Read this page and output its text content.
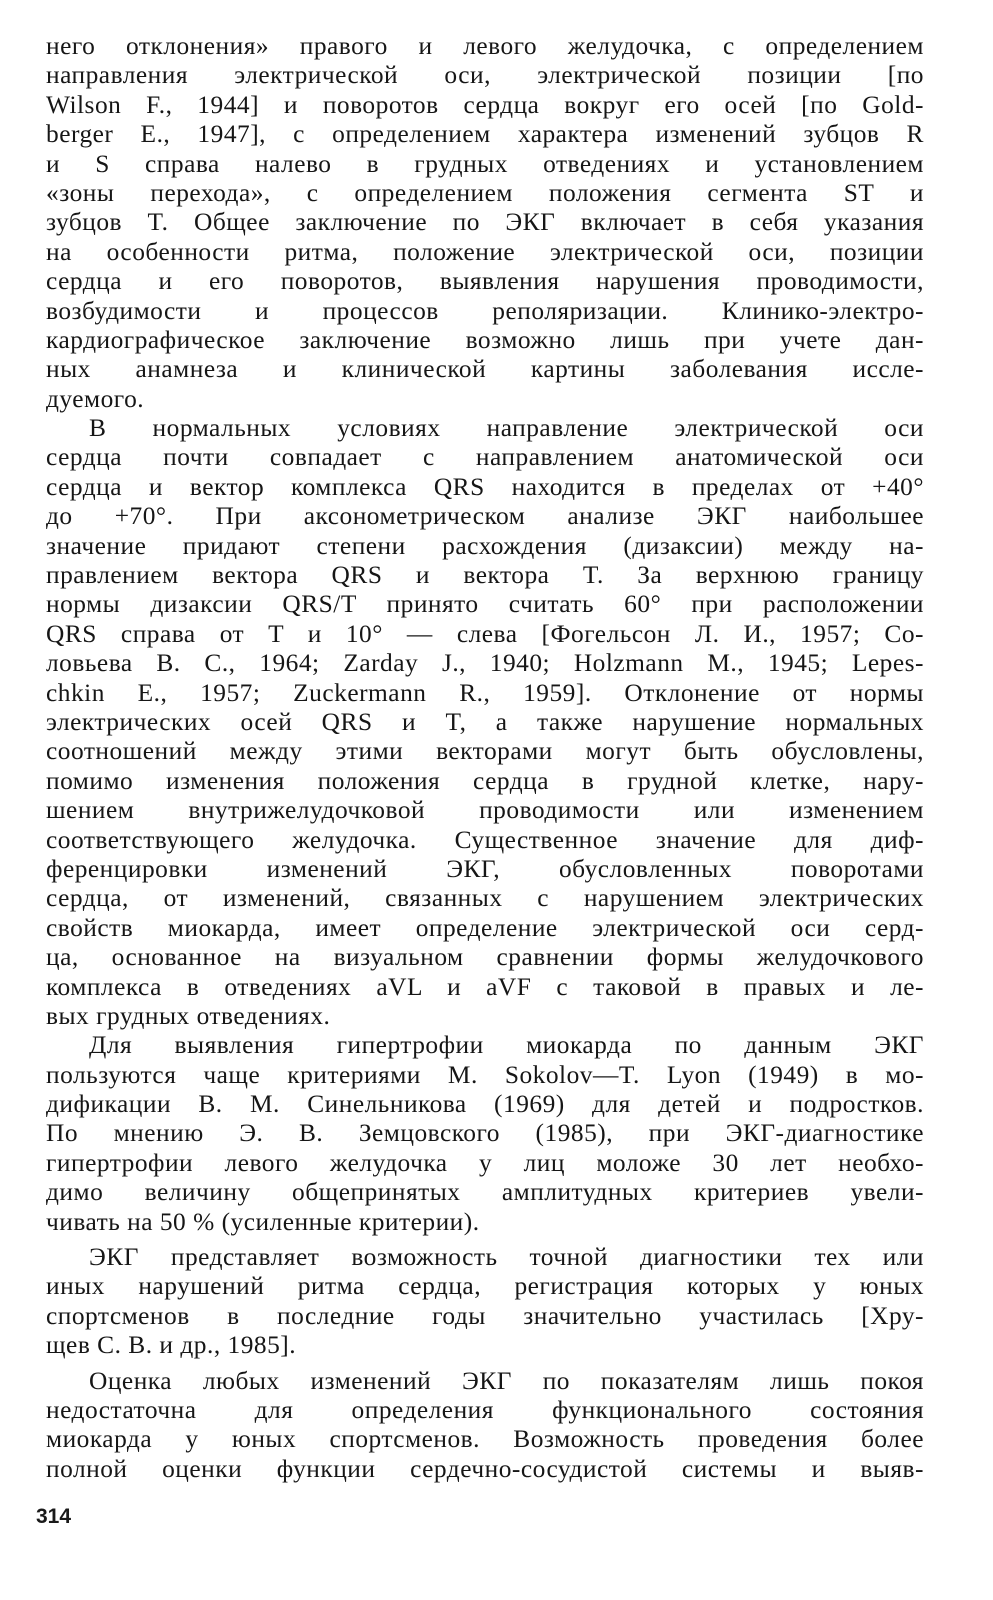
него отклонения» правого и левого желудочка, с определением
направления электрической оси, электрической позиции [по
Wilson F., 1944] и поворотов сердца вокруг его осей [по Gold-
berger E., 1947], с определением характера изменений зубцов R
и S справа налево в грудных отведениях и установлением
«зоны перехода», с определением положения сегмента ST и
зубцов T. Общее заключение по ЭКГ включает в себя указания
на особенности ритма, положение электрической оси, позиции
сердца и его поворотов, выявления нарушения проводимости,
возбудимости и процессов реполяризации. Клинико-электро-
кардиографическое заключение возможно лишь при учете дан-
ных анамнеза и клинической картины заболевания иссле-
дуемого.
В нормальных условиях направление электрической оси
сердца почти совпадает с направлением анатомической оси
сердца и вектор комплекса QRS находится в пределах от +40°
до +70°. При аксонометрическом анализе ЭКГ наибольшее
значение придают степени расхождения (дизаксии) между на-
правлением вектора QRS и вектора T. За верхнюю границу
нормы дизаксии QRS/T принято считать 60° при расположении
QRS справа от T и 10° — слева [Фогельсон Л. И., 1957; Со-
ловьева В. С., 1964; Zarday J., 1940; Holzmann M., 1945; Lepes-
chkin E., 1957; Zuckermann R., 1959]. Отклонение от нормы
электрических осей QRS и T, а также нарушение нормальных
соотношений между этими векторами могут быть обусловлены,
помимо изменения положения сердца в грудной клетке, нару-
шением внутрижелудочковой проводимости или изменением
соответствующего желудочка. Существенное значение для диф-
ференцировки изменений ЭКГ, обусловленных поворотами
сердца, от изменений, связанных с нарушением электрических
свойств миокарда, имеет определение электрической оси серд-
ца, основанное на визуальном сравнении формы желудочкового
комплекса в отведениях aVL и aVF с таковой в правых и ле-
вых грудных отведениях.
Для выявления гипертрофии миокарда по данным ЭКГ
пользуются чаще критериями M. Sokolov—T. Lyon (1949) в мо-
дификации В. М. Синельникова (1969) для детей и подростков.
По мнению Э. В. Земцовского (1985), при ЭКГ-диагностике
гипертрофии левого желудочка у лиц моложе 30 лет необхо-
димо величину общепринятых амплитудных критериев увели-
чивать на 50 % (усиленные критерии).
ЭКГ представляет возможность точной диагностики тех или
иных нарушений ритма сердца, регистрация которых у юных
спортсменов в последние годы значительно участилась [Хру-
щев С. В. и др., 1985].
Оценка любых изменений ЭКГ по показателям лишь покоя
недостаточна для определения функционального состояния
миокарда у юных спортсменов. Возможность проведения более
полной оценки функции сердечно-сосудистой системы и выяв-
314
